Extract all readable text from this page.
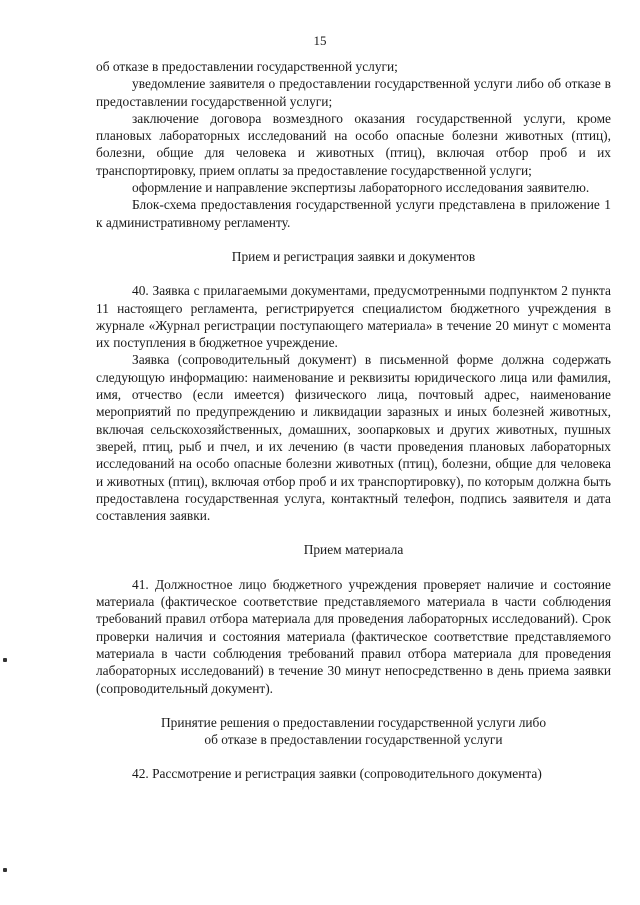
15

об отказе в предоставлении государственной услуги;

уведомление заявителя о предоставлении государственной услуги либо об отказе в предоставлении государственной услуги;

заключение договора возмездного оказания государственной услуги, кроме плановых лабораторных исследований на особо опасные болезни животных (птиц), болезни, общие для человека и животных (птиц), включая отбор проб и их транспортировку, прием оплаты за предоставление государственной услуги;

оформление и направление экспертизы лабораторного исследования заявителю.

Блок-схема предоставления государственной услуги представлена в приложение 1 к административному регламенту.

Прием и регистрация заявки и документов

40. Заявка с прилагаемыми документами, предусмотренными подпунктом 2 пункта 11 настоящего регламента, регистрируется специалистом бюджетного учреждения в журнале «Журнал регистрации поступающего материала» в течение 20 минут с момента их поступления в бюджетное учреждение.

Заявка (сопроводительный документ) в письменной форме должна содержать следующую информацию: наименование и реквизиты юридического лица или фамилия, имя, отчество (если имеется) физического лица, почтовый адрес, наименование мероприятий по предупреждению и ликвидации заразных и иных болезней животных, включая сельскохозяйственных, домашних, зоопарковых и других животных, пушных зверей, птиц, рыб и пчел, и их лечению (в части проведения плановых лабораторных исследований на особо опасные болезни животных (птиц), болезни, общие для человека и животных (птиц), включая отбор проб и их транспортировку), по которым должна быть предоставлена государственная услуга, контактный телефон, подпись заявителя и дата составления заявки.

Прием материала

41. Должностное лицо бюджетного учреждения проверяет наличие и состояние материала (фактическое соответствие представляемого материала в части соблюдения требований правил отбора материала для проведения лабораторных исследований). Срок проверки наличия и состояния материала (фактическое соответствие представляемого материала в части соблюдения требований правил отбора материала для проведения лабораторных исследований) в течение 30 минут непосредственно в день приема заявки (сопроводительный документ).

Принятие решения о предоставлении государственной услуги либо

об отказе в предоставлении государственной услуги

42. Рассмотрение и регистрация заявки (сопроводительного документа)
